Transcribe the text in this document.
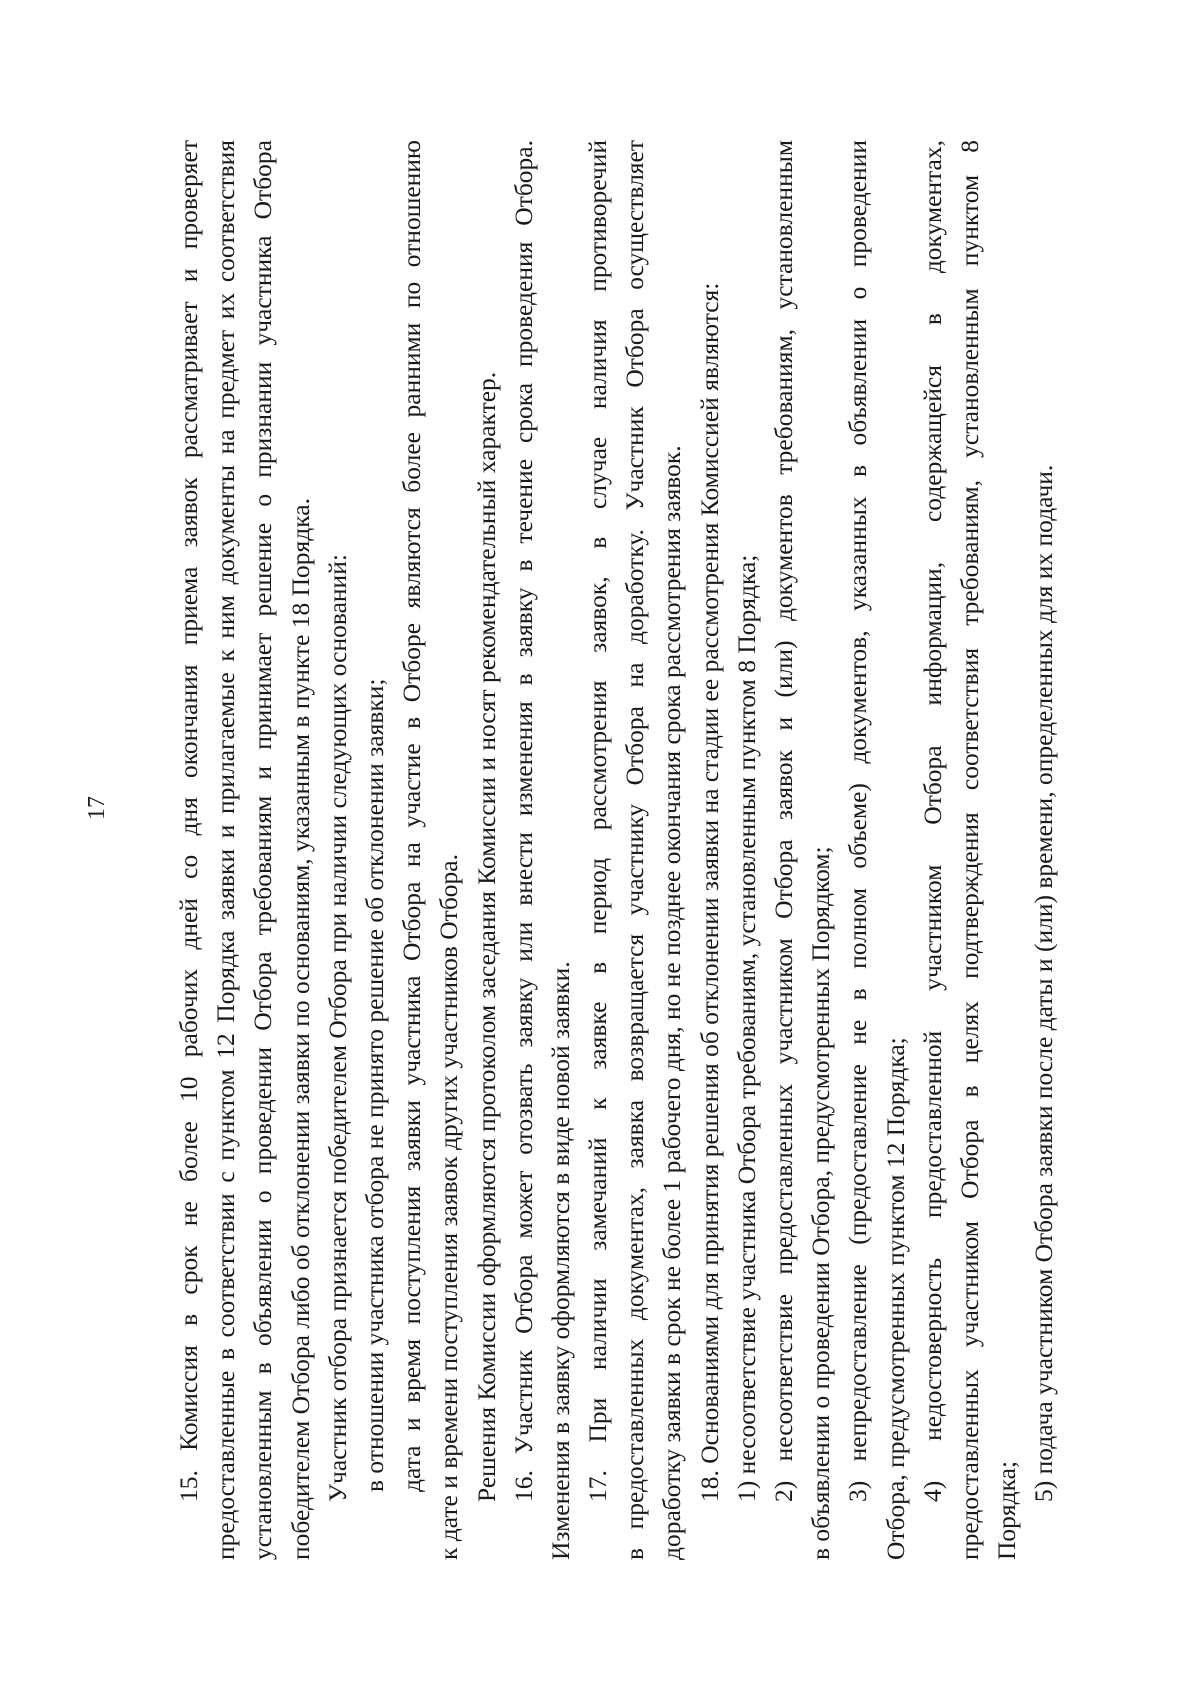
17	15. Комиссия в срок не более 10 рабочих дней со дня окончания приема заявок рассматривает и проверяет предоставленные в соответствии с пунктом 12 Порядка заявки и прилагаемые к ним документы на предмет их соответствия установленным в объявлении о проведении Отбора требованиям и принимает решение о признании участника Отбора победителем Отбора либо об отклонении заявки по основаниям, указанным в пункте 18 Порядка. Участник отбора признается победителем Отбора при наличии следующих оснований: в отношении участника отбора не принято решение об отклонении заявки; дата и время поступления заявки участника Отбора на участие в Отборе являются более ранними по отношению к дате и времени поступления заявок других участников Отбора. Решения Комиссии оформляются протоколом заседания Комиссии и носят рекомендательный характер. 16. Участник Отбора может отозвать заявку или внести изменения в заявку в течение срока проведения Отбора. Изменения в заявку оформляются в виде новой заявки. 17. При наличии замечаний к заявке в период рассмотрения заявок, в случае наличия противоречий в предоставленных документах, заявка возвращается участнику Отбора на доработку. Участник Отбора осуществляет доработку заявки в срок не более 1 рабочего дня, но не позднее окончания срока рассмотрения заявок. 18. Основаниями для принятия решения об отклонении заявки на стадии ее рассмотрения Комиссией являются: 1) несоответствие участника Отбора требованиям, установленным пунктом 8 Порядка; 2) несоответствие предоставленных участником Отбора заявок и (или) документов требованиям, установленным в объявлении о проведении Отбора, предусмотренных Порядком; 3) непредоставление (предоставление не в полном объеме) документов, указанных в объявлении о проведении Отбора, предусмотренных пунктом 12 Порядка; 4) недостоверность предоставленной участником Отбора информации, содержащейся в документах, предоставленных участником Отбора в целях подтверждения соответствия требованиям, установленным пунктом 8 Порядка;
5) подача участником Отбора заявки после даты и (или) времени, определенных для их подачи.
